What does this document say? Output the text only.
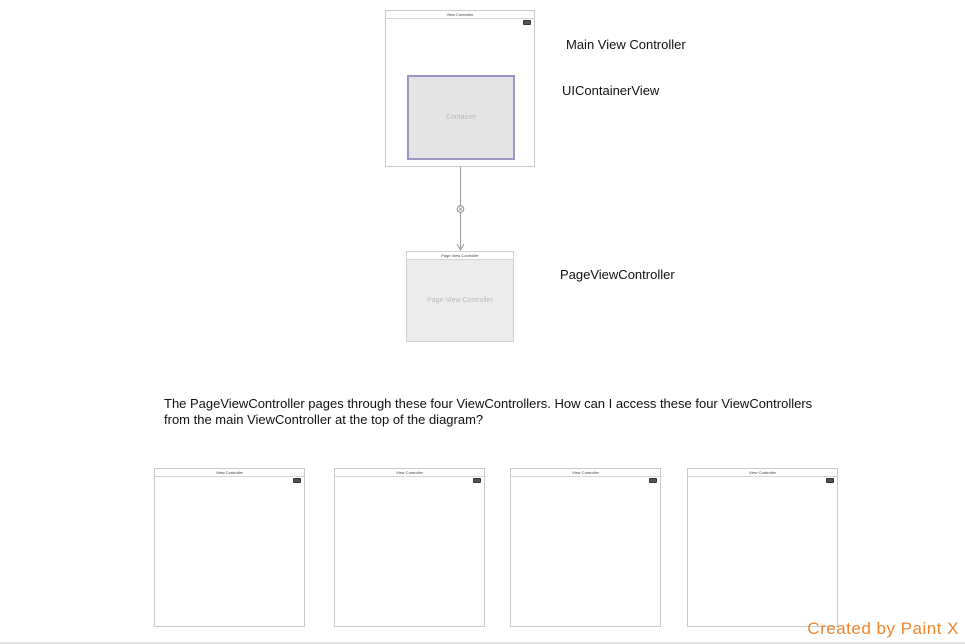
View Controller
Container
Page View Controller
Page View Controller
Main View Controller
UIContainerView
PageViewController
The PageViewController pages through these four ViewControllers. How can I access these four ViewControllers
from the main ViewController at the top of the diagram?
View Controller	View Controller	View Controller	View Controller
Created by Paint X
